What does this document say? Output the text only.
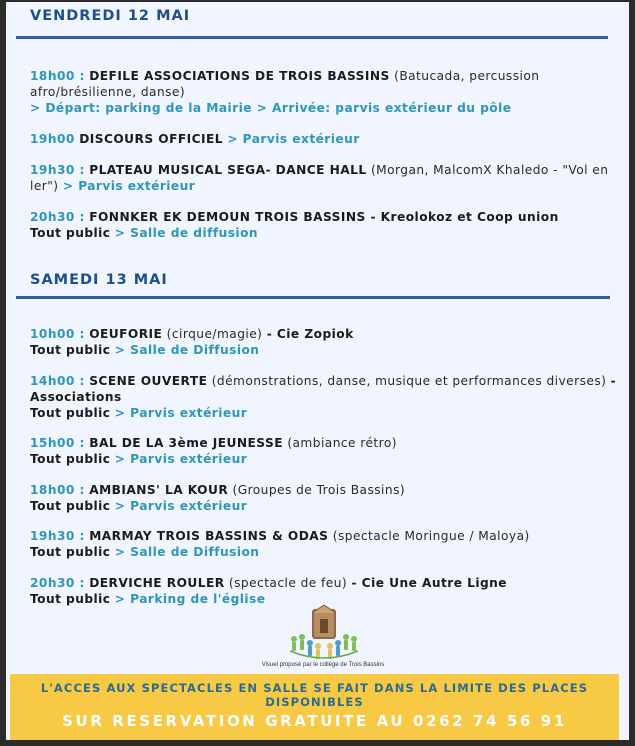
VENDREDI 12 MAI
18h00 : DEFILE ASSOCIATIONS DE TROIS BASSINS (Batucada, percussion afro/brésilienne, danse)
> Départ: parking de la Mairie > Arrivée: parvis extérieur du pôle
19h00 DISCOURS OFFICIEL > Parvis extérieur
19h30 : PLATEAU MUSICAL SEGA- DANCE HALL (Morgan, MalcomX Khaledo - "Vol en ler") > Parvis extérieur
20h30 : FONNKER EK DEMOUN TROIS BASSINS - Kreolokoz et Coop union
Tout public > Salle de diffusion
SAMEDI 13 MAI
10h00 : OEUFORIE (cirque/magie) - Cie Zopiok
Tout public > Salle de Diffusion
14h00 : SCENE OUVERTE (démonstrations, danse, musique et performances diverses) - Associations
Tout public > Parvis extérieur
15h00 : BAL DE LA 3ème JEUNESSE (ambiance rétro)
Tout public > Parvis extérieur
18h00 : AMBIANS' LA KOUR (Groupes de Trois Bassins)
Tout public > Parvis extérieur
19h30 : MARMAY TROIS BASSINS & ODAS (spectacle Moringue / Maloya)
Tout public > Salle de Diffusion
20h30 : DERVICHE ROULER (spectacle de feu) - Cie Une Autre Ligne
Tout public > Parking de l'église
Visuel proposé par le collège de Trois Bassins
L'ACCES AUX SPECTACLES EN SALLE SE FAIT DANS LA LIMITE DES PLACES DISPONIBLES
SUR RESERVATION GRATUITE AU 0262 74 56 91
